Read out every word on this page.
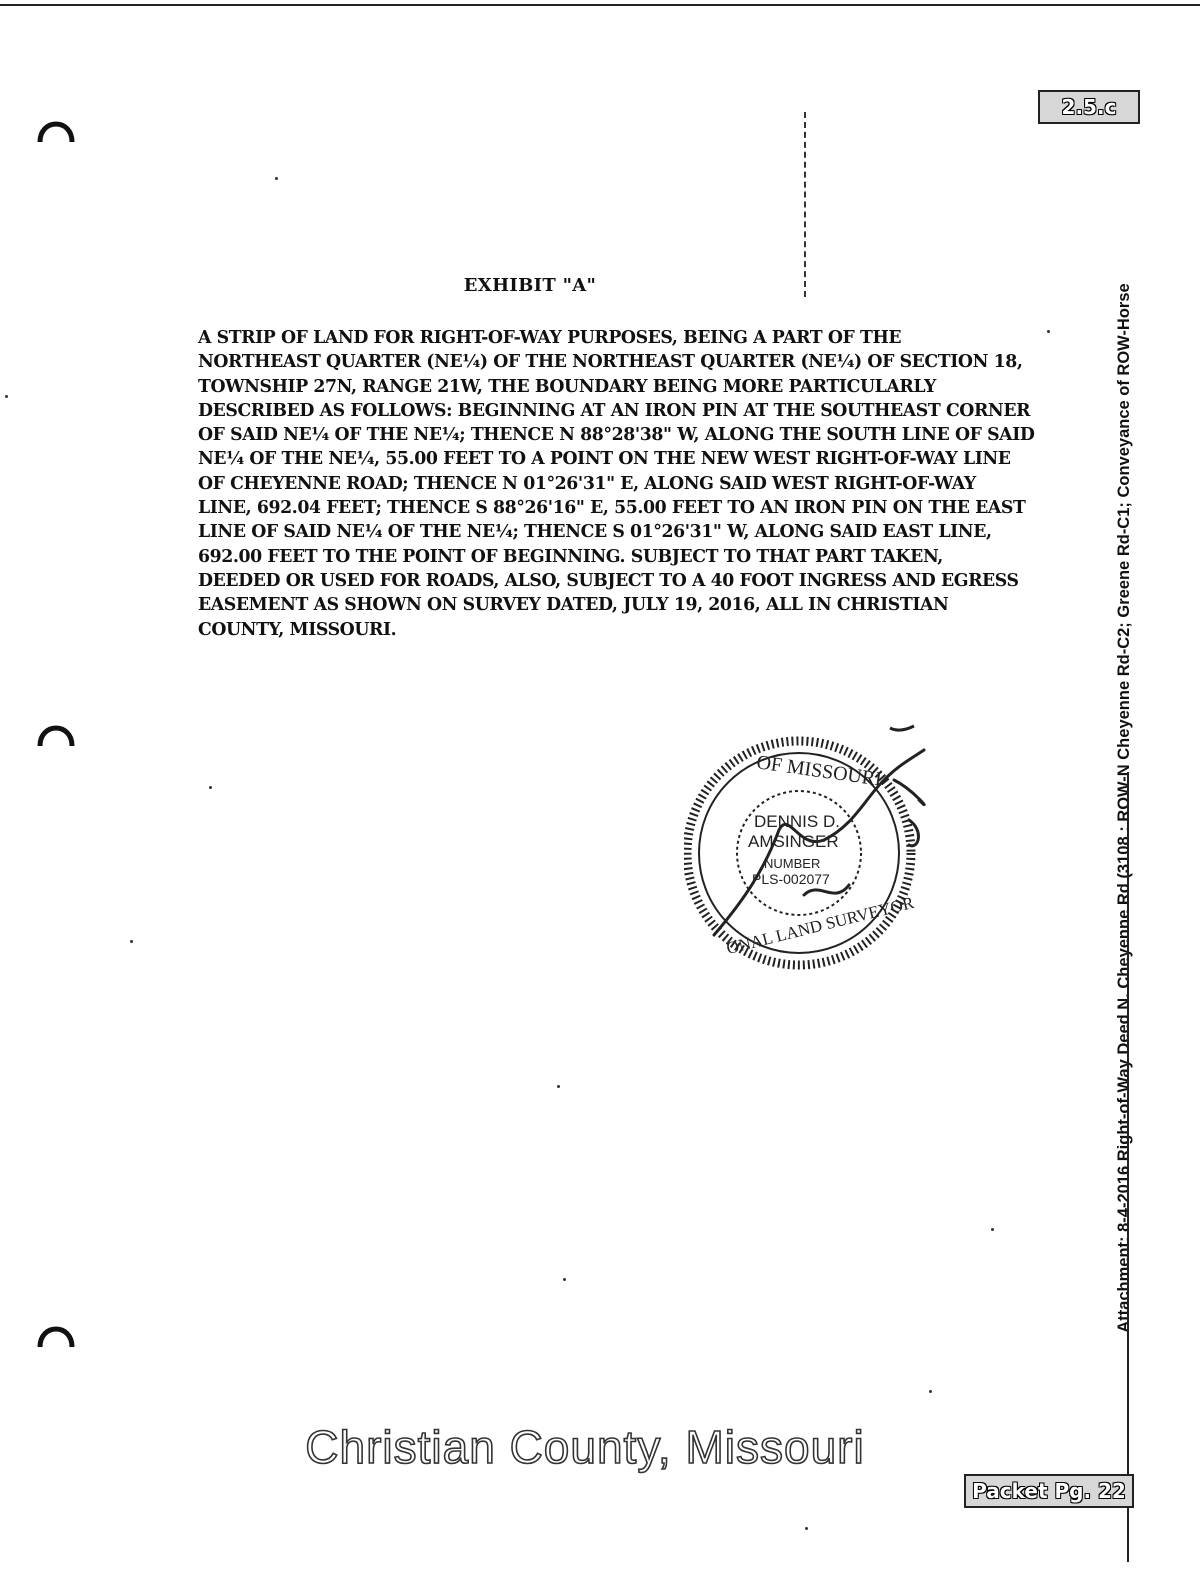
2.5.c
Attachment: 8-4-2016 Right-of-Way Deed N. Cheyenne Rd (3108 : ROW-N Cheyenne Rd-C2; Greene Rd-C1; Conveyance of ROW-Horse
EXHIBIT "A"

A STRIP OF LAND FOR RIGHT-OF-WAY PURPOSES, BEING A PART OF THE
NORTHEAST QUARTER (NE¼) OF THE NORTHEAST QUARTER (NE¼) OF SECTION 18,
TOWNSHIP 27N, RANGE 21W, THE BOUNDARY BEING MORE PARTICULARLY
DESCRIBED AS FOLLOWS: BEGINNING AT AN IRON PIN AT THE SOUTHEAST CORNER
OF SAID NE¼ OF THE NE¼; THENCE N 88°28'38" W, ALONG THE SOUTH LINE OF SAID
NE¼ OF THE NE¼, 55.00 FEET TO A POINT ON THE NEW WEST RIGHT-OF-WAY LINE
OF CHEYENNE ROAD; THENCE N 01°26'31" E, ALONG SAID WEST RIGHT-OF-WAY
LINE, 692.04 FEET; THENCE S 88°26'16" E, 55.00 FEET TO AN IRON PIN ON THE EAST
LINE OF SAID NE¼ OF THE NE¼; THENCE S 01°26'31" W, ALONG SAID EAST LINE,
692.00 FEET TO THE POINT OF BEGINNING. SUBJECT TO THAT PART TAKEN,
DEEDED OR USED FOR ROADS, ALSO, SUBJECT TO A 40 FOOT INGRESS AND EGRESS
EASEMENT AS SHOWN ON SURVEY DATED, JULY 19, 2016, ALL IN CHRISTIAN
COUNTY, MISSOURI.

OF MISSOURI
DENNIS D.
AMSINGER
NUMBER
PLS-002077
ONAL LAND SURVEYOR
Christian County, Missouri
Packet Pg. 22
